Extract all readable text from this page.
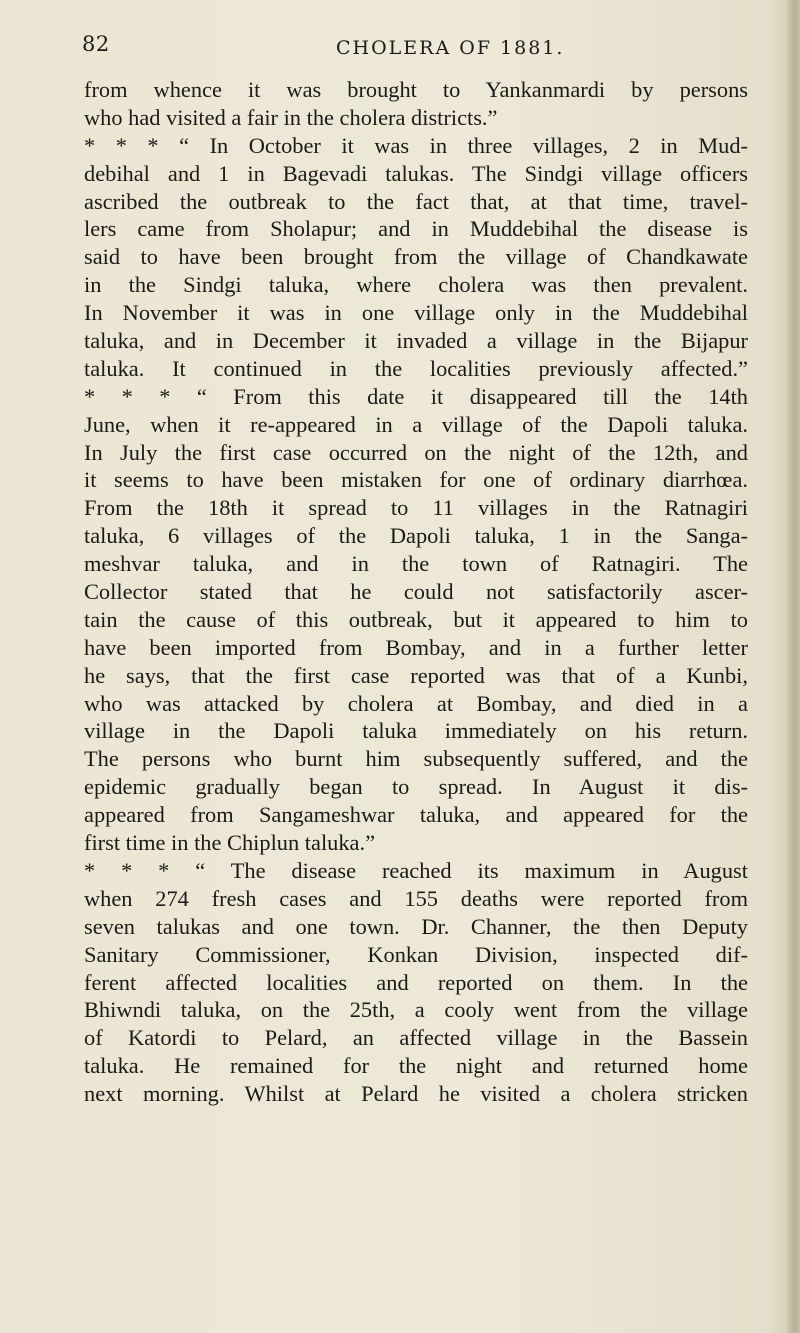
82	CHOLERA OF 1881.
from whence it was brought to Yankanmardi by persons
who had visited a fair in the cholera districts.”
* * * “ In October it was in three villages, 2 in Mud-
debihal and 1 in Bagevadi talukas. The Sindgi village officers
ascribed the outbreak to the fact that, at that time, travel-
lers came from Sholapur; and in Muddebihal the disease is
said to have been brought from the village of Chandkawate
in the Sindgi taluka, where cholera was then prevalent.
In November it was in one village only in the Muddebihal
taluka, and in December it invaded a village in the Bijapur
taluka. It continued in the localities previously affected.”
* * * “ From this date it disappeared till the 14th
June, when it re-appeared in a village of the Dapoli taluka.
In July the first case occurred on the night of the 12th, and
it seems to have been mistaken for one of ordinary diarrhœa.
From the 18th it spread to 11 villages in the Ratnagiri
taluka, 6 villages of the Dapoli taluka, 1 in the Sanga-
meshvar taluka, and in the town of Ratnagiri. The
Collector stated that he could not satisfactorily ascer-
tain the cause of this outbreak, but it appeared to him to
have been imported from Bombay, and in a further letter
he says, that the first case reported was that of a Kunbi,
who was attacked by cholera at Bombay, and died in a
village in the Dapoli taluka immediately on his return.
The persons who burnt him subsequently suffered, and the
epidemic gradually began to spread. In August it dis-
appeared from Sangameshwar taluka, and appeared for the
first time in the Chiplun taluka.”
* * * “ The disease reached its maximum in August
when 274 fresh cases and 155 deaths were reported from
seven talukas and one town. Dr. Channer, the then Deputy
Sanitary Commissioner, Konkan Division, inspected dif-
ferent affected localities and reported on them. In the
Bhiwndi taluka, on the 25th, a cooly went from the village
of Katordi to Pelard, an affected village in the Bassein
taluka. He remained for the night and returned home
next morning. Whilst at Pelard he visited a cholera stricken
